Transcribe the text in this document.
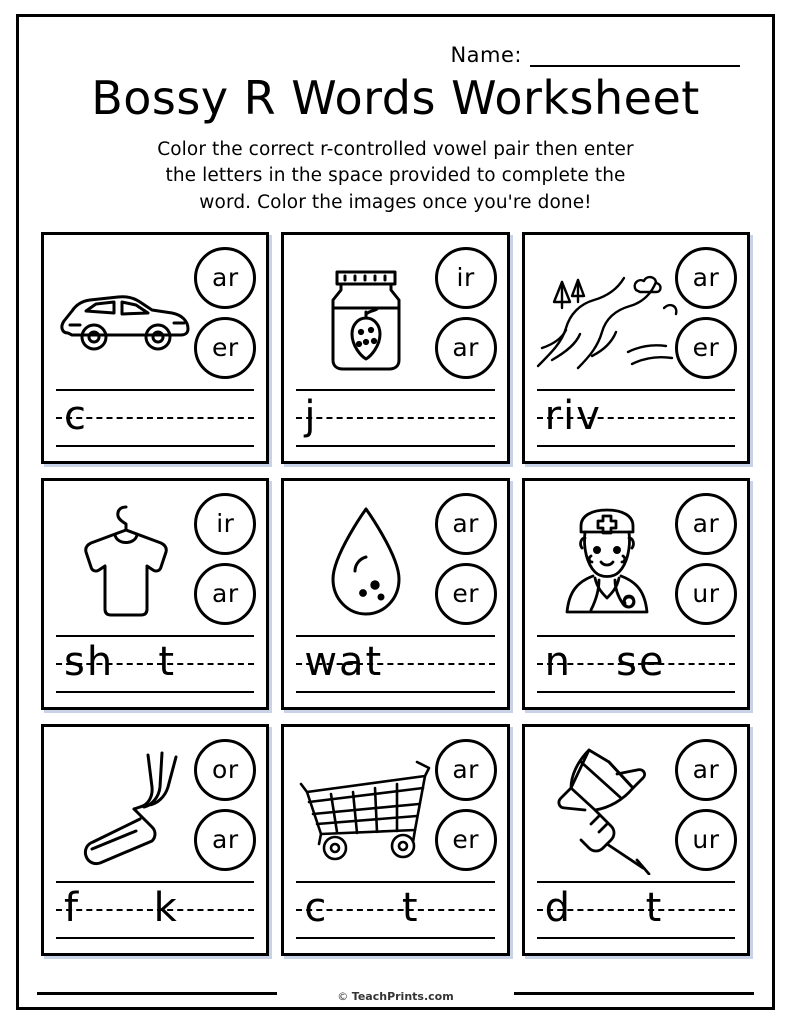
Name:
Bossy R Words Worksheet
Color the correct r-controlled vowel pair then enter
the letters in the space provided to complete the
word. Color the images once you're done!
ar
er
c
ir
ar
j
ar
er
riv
ir
ar
sh   t
ar
er
wat
ar
ur
n   se
or
ar
f     k
ar
er
c     t
ar
ur
d     t
© TeachPrints.com
